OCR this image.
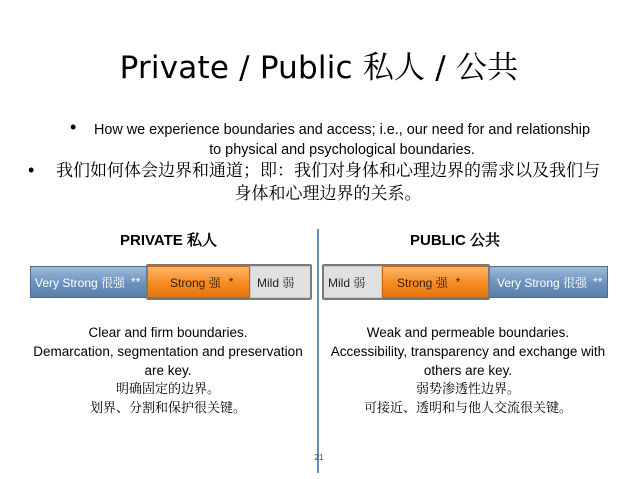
Private / Public 私人 / 公共
• How we experience boundaries and access; i.e., our need for and relationship to physical and psychological boundaries.
•	我们如何体会边界和通道；即：我们对身体和心理边界的需求以及我们与身体和心理边界的关系。
PRIVATE 私人	PUBLIC 公共
Very Strong 很强 ** Strong 强 * Mild 弱	Mild 弱	Strong 强 *	Very Strong 很强 **
Clear and firm boundaries.
Demarcation, segmentation and preservation are key.
明确固定的边界。
划界、分割和保护很关键。
Weak and permeable boundaries.
Accessibility, transparency and exchange with others are key.
弱势渗透性边界。
可接近、透明和与他人交流很关键。
21
